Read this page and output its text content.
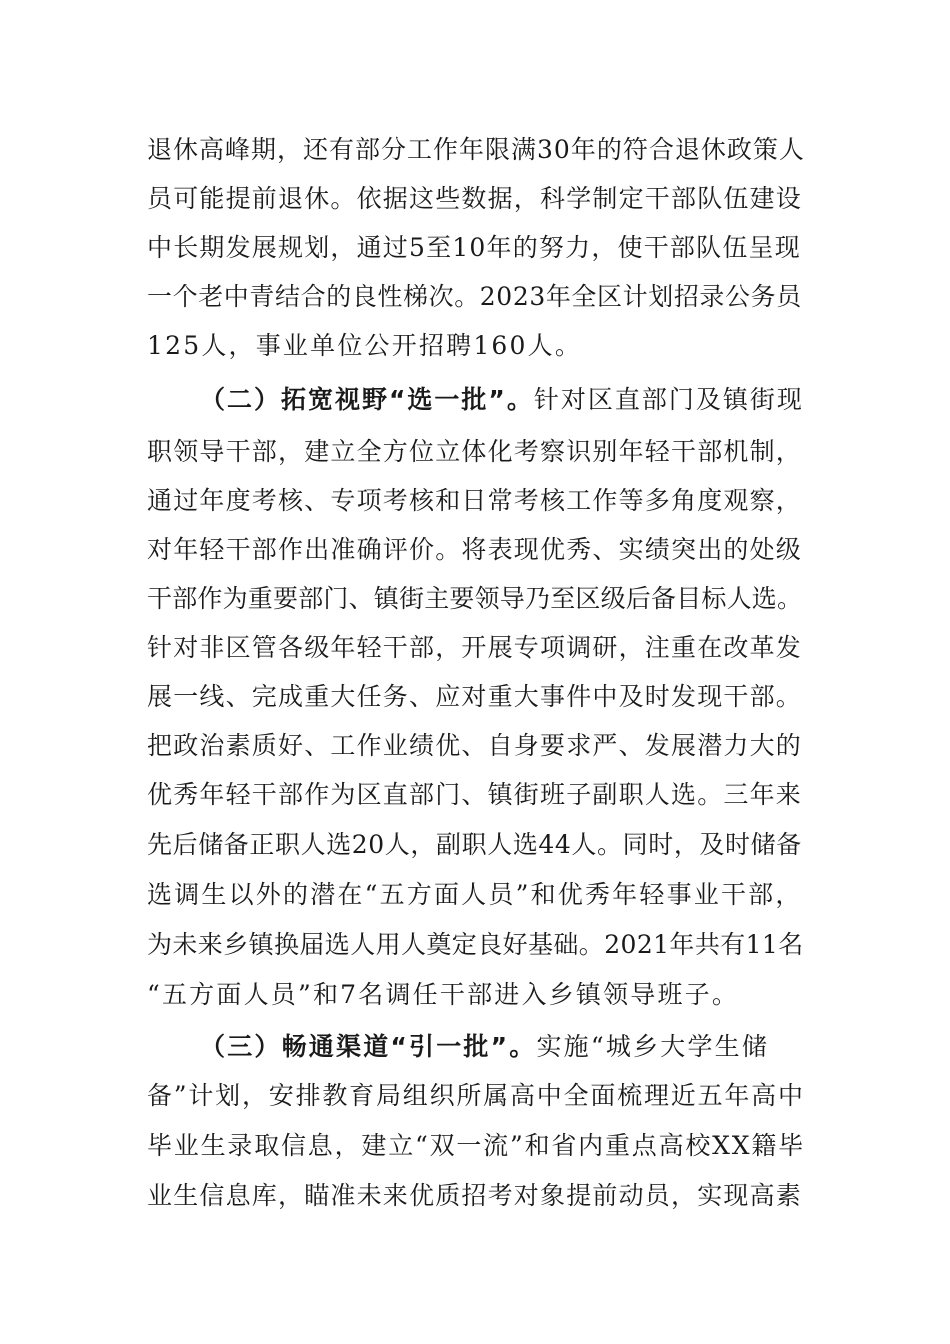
退休高峰期，还有部分工作年限满30年的符合退休政策人
员可能提前退休。依据这些数据，科学制定干部队伍建设
中长期发展规划，通过5至10年的努力，使干部队伍呈现
一个老中青结合的良性梯次。2023年全区计划招录公务员
125人，事业单位公开招聘160人。
（二）拓宽视野“选一批”。针对区直部门及镇街现
职领导干部，建立全方位立体化考察识别年轻干部机制，
通过年度考核、专项考核和日常考核工作等多角度观察，
对年轻干部作出准确评价。将表现优秀、实绩突出的处级
干部作为重要部门、镇街主要领导乃至区级后备目标人选。
针对非区管各级年轻干部，开展专项调研，注重在改革发
展一线、完成重大任务、应对重大事件中及时发现干部。
把政治素质好、工作业绩优、自身要求严、发展潜力大的
优秀年轻干部作为区直部门、镇街班子副职人选。三年来
先后储备正职人选20人，副职人选44人。同时，及时储备
选调生以外的潜在“五方面人员”和优秀年轻事业干部，
为未来乡镇换届选人用人奠定良好基础。2021年共有11名
“五方面人员”和7名调任干部进入乡镇领导班子。
（三）畅通渠道“引一批”。实施“城乡大学生储
备”计划，安排教育局组织所属高中全面梳理近五年高中
毕业生录取信息，建立“双一流”和省内重点高校XX籍毕
业生信息库，瞄准未来优质招考对象提前动员，实现高素
